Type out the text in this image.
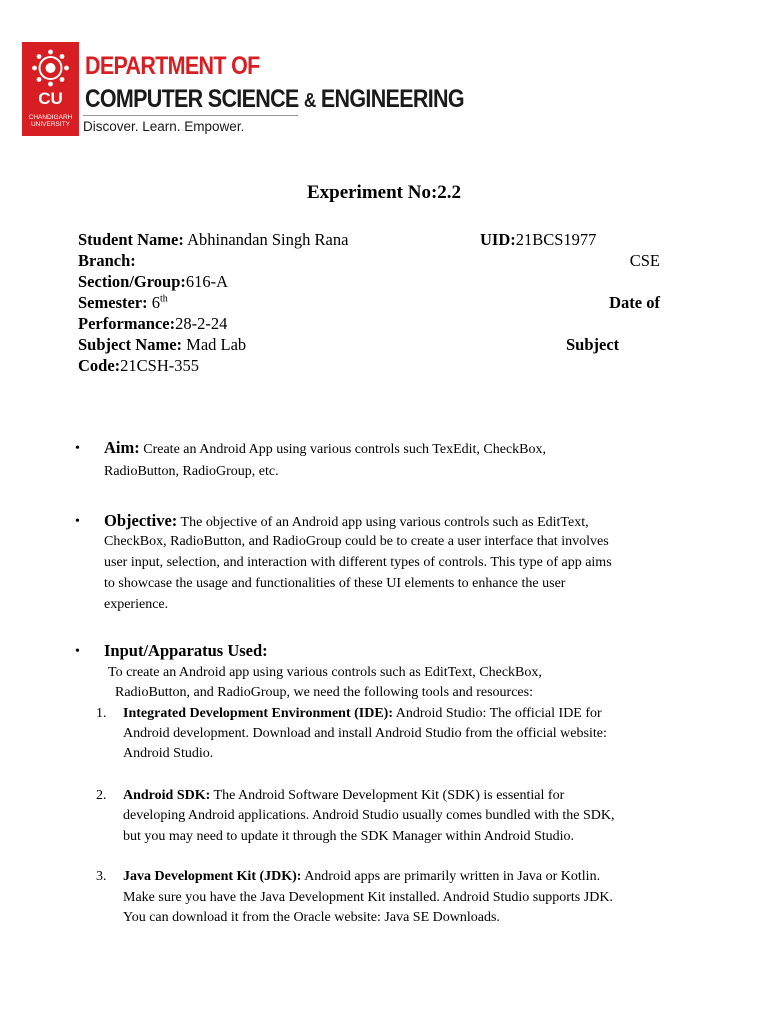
CU
CHANDIGARH
UNIVERSITY
DEPARTMENT OF
COMPUTER SCIENCE & ENGINEERING
Discover. Learn. Empower.
Experiment No:2.2
Student Name: Abhinandan Singh Rana	UID:21BCS1977
Branch:	CSE
Section/Group:616-A
Semester: 6th	Date of
Performance:28-2-24
Subject Name: Mad Lab	Subject
Code:21CSH-355
• Aim: Create an Android App using various controls such TexEdit, CheckBox,
RadioButton, RadioGroup, etc.
• Objective: The objective of an Android app using various controls such as EditText,
CheckBox, RadioButton, and RadioGroup could be to create a user interface that involves
user input, selection, and interaction with different types of controls. This type of app aims
to showcase the usage and functionalities of these UI elements to enhance the user
experience.
• Input/Apparatus Used:
To create an Android app using various controls such as EditText, CheckBox,
RadioButton, and RadioGroup, we need the following tools and resources:
1. Integrated Development Environment (IDE): Android Studio: The official IDE for
Android development. Download and install Android Studio from the official website:
Android Studio.
2. Android SDK: The Android Software Development Kit (SDK) is essential for
developing Android applications. Android Studio usually comes bundled with the SDK,
but you may need to update it through the SDK Manager within Android Studio.
3. Java Development Kit (JDK): Android apps are primarily written in Java or Kotlin.
Make sure you have the Java Development Kit installed. Android Studio supports JDK.
You can download it from the Oracle website: Java SE Downloads.
